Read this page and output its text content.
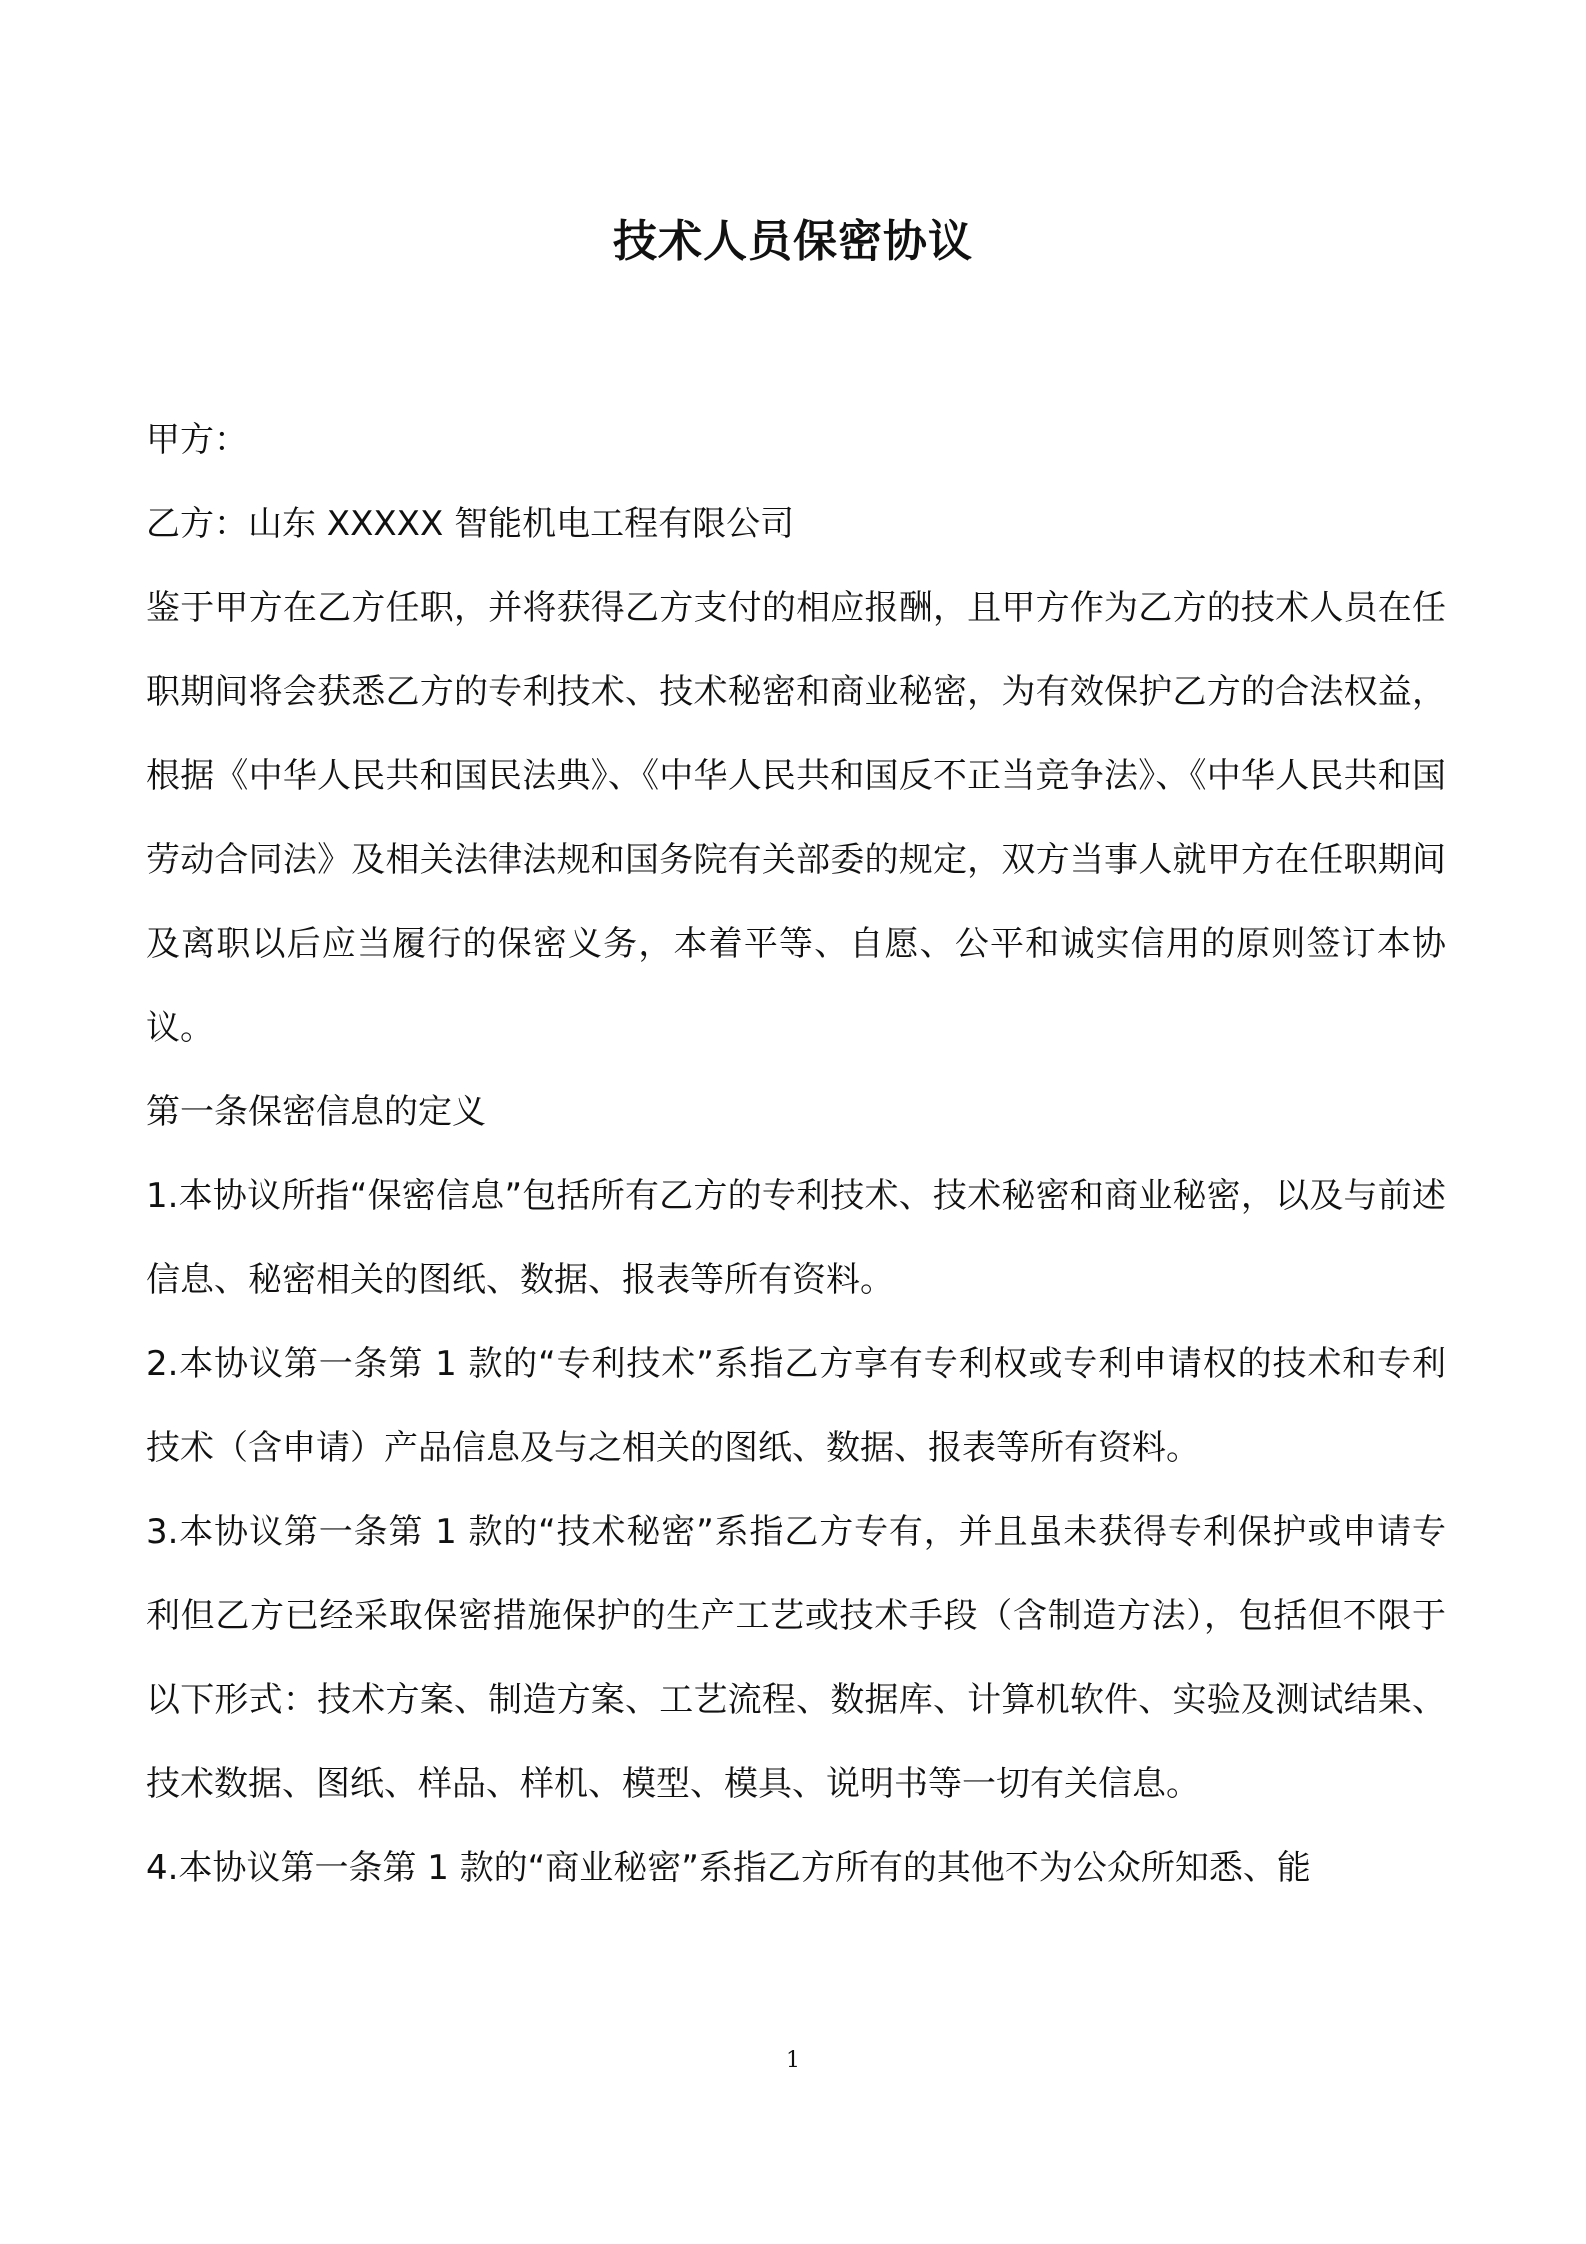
技术人员保密协议
甲方：
乙方：山东 XXXXX 智能机电工程有限公司

鉴于甲方在乙方任职，并将获得乙方支付的相应报酬，且甲方作为乙方的技术人员在任职期间将会获悉乙方的专利技术、技术秘密和商业秘密，为有效保护乙方的合法权益，根据《中华人民共和国民法典》、《中华人民共和国反不正当竞争法》、《中华人民共和国劳动合同法》及相关法律法规和国务院有关部委的规定，双方当事人就甲方在任职期间及离职以后应当履行的保密义务，本着平等、自愿、公平和诚实信用的原则签订本协议。

第一条保密信息的定义

1.本协议所指“保密信息”包括所有乙方的专利技术、技术秘密和商业秘密，以及与前述信息、秘密相关的图纸、数据、报表等所有资料。

2.本协议第一条第 1 款的“专利技术”系指乙方享有专利权或专利申请权的技术和专利技术（含申请）产品信息及与之相关的图纸、数据、报表等所有资料。

3.本协议第一条第 1 款的“技术秘密”系指乙方专有，并且虽未获得专利保护或申请专利但乙方已经采取保密措施保护的生产工艺或技术手段（含制造方法），包括但不限于以下形式：技术方案、制造方案、工艺流程、数据库、计算机软件、实验及测试结果、技术数据、图纸、样品、样机、模型、模具、说明书等一切有关信息。

4.本协议第一条第 1 款的“商业秘密”系指乙方所有的其他不为公众所知悉、能

1
